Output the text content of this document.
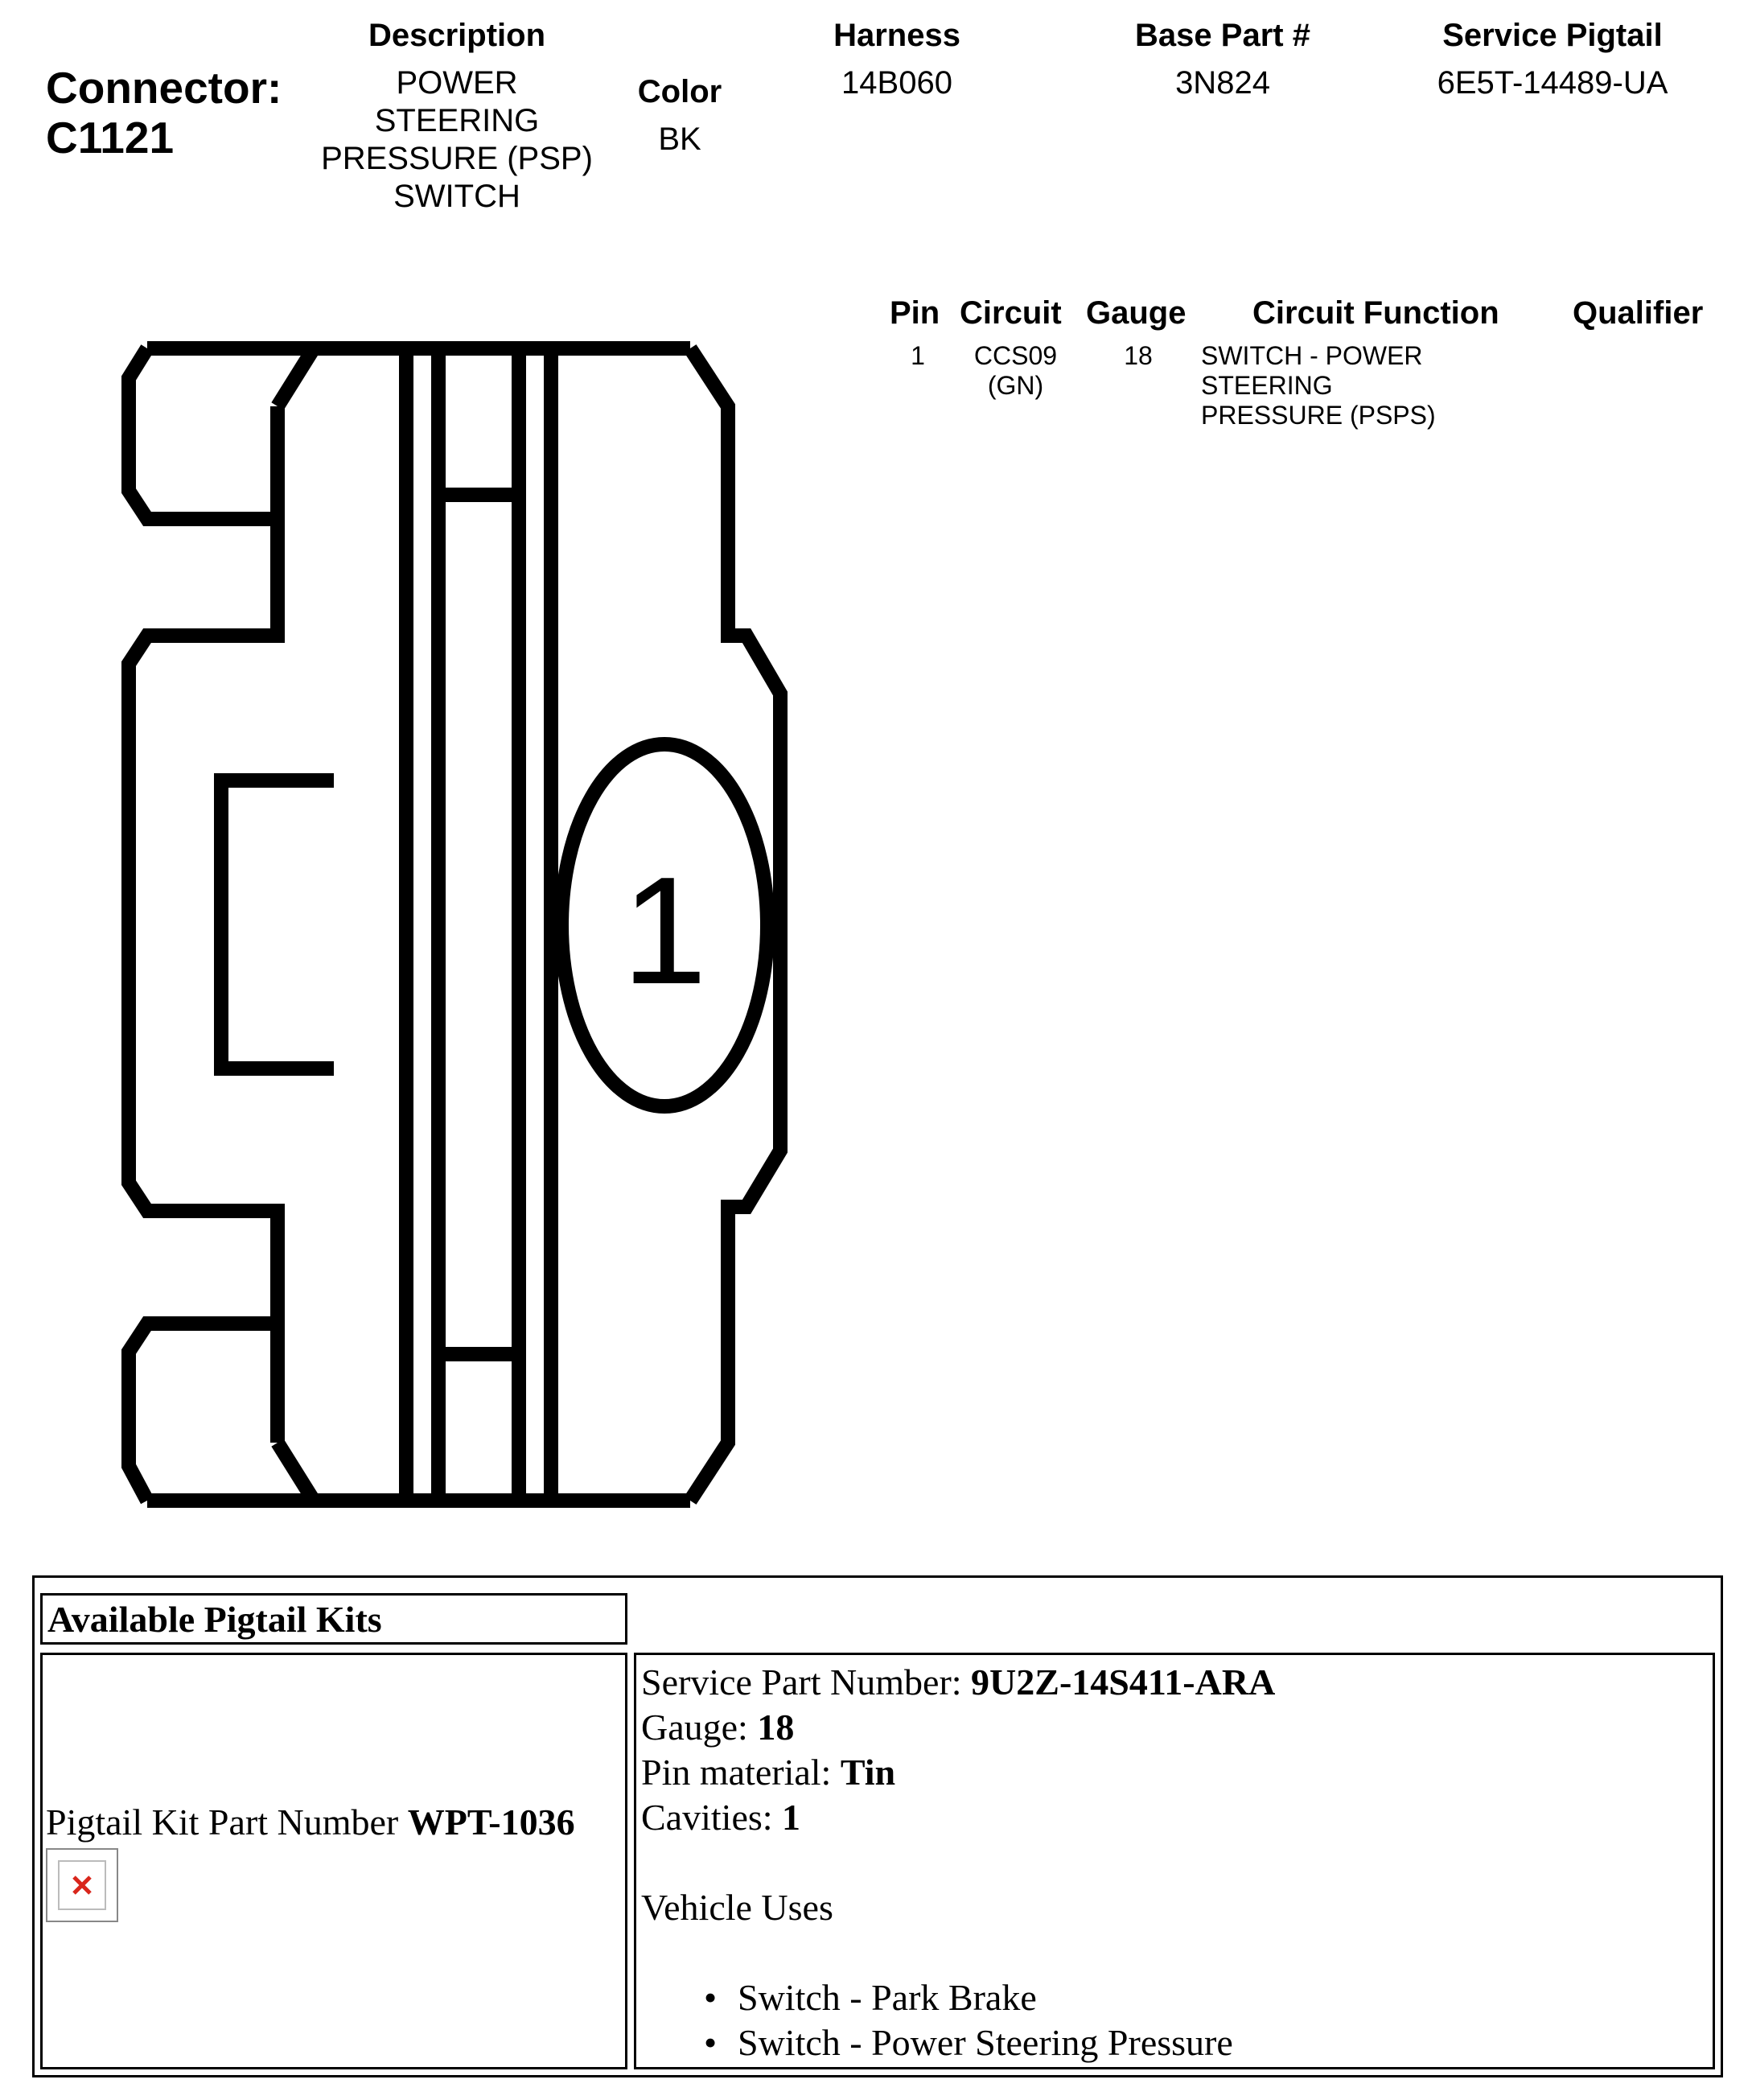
Connector:
C1121
Description
POWER
STEERING
PRESSURE (PSP)
SWITCH
Color
BK
Harness
14B060
Base Part #
3N824
Service Pigtail
6E5T-14489-UA
1
Pin Circuit Gauge Circuit Function Qualifier
1	CCS09
(GN)
18	SWITCH - POWER STEERING
PRESSURE (PSPS)
Available Pigtail Kits
Pigtail Kit Part Number WPT-1036
Service Part Number: 9U2Z-14S411-ARA
Gauge: 18
Pin material: Tin
Cavities: 1
Vehicle Uses
• Switch - Park Brake
• Switch - Power Steering Pressure
